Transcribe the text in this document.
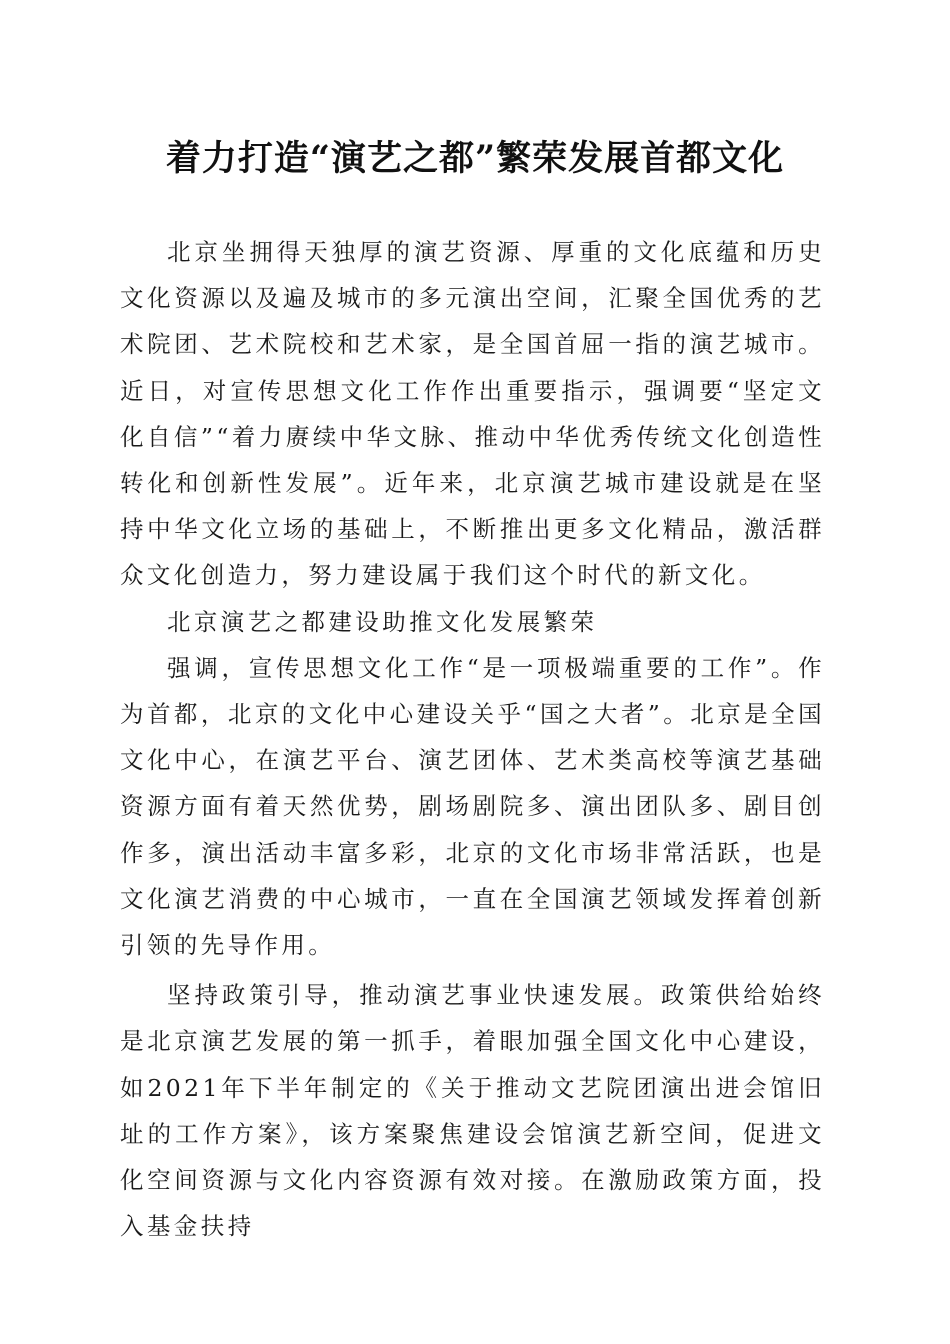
着力打造“演艺之都”繁荣发展首都文化

北京坐拥得天独厚的演艺资源、厚重的文化底蕴和历史文化资源以及遍及城市的多元演出空间，汇聚全国优秀的艺术院团、艺术院校和艺术家，是全国首屈一指的演艺城市。近日，对宣传思想文化工作作出重要指示，强调要“坚定文化自信”“着力赓续中华文脉、推动中华优秀传统文化创造性转化和创新性发展”。近年来，北京演艺城市建设就是在坚持中华文化立场的基础上，不断推出更多文化精品，激活群众文化创造力，努力建设属于我们这个时代的新文化。

北京演艺之都建设助推文化发展繁荣

强调，宣传思想文化工作“是一项极端重要的工作”。作为首都，北京的文化中心建设关乎“国之大者”。北京是全国文化中心，在演艺平台、演艺团体、艺术类高校等演艺基础资源方面有着天然优势，剧场剧院多、演出团队多、剧目创作多，演出活动丰富多彩，北京的文化市场非常活跃，也是文化演艺消费的中心城市，一直在全国演艺领域发挥着创新引领的先导作用。

坚持政策引导，推动演艺事业快速发展。政策供给始终是北京演艺发展的第一抓手，着眼加强全国文化中心建设，如2021年下半年制定的《关于推动文艺院团演出进会馆旧址的工作方案》，该方案聚焦建设会馆演艺新空间，促进文化空间资源与文化内容资源有效对接。在激励政策方面，投入基金扶持
